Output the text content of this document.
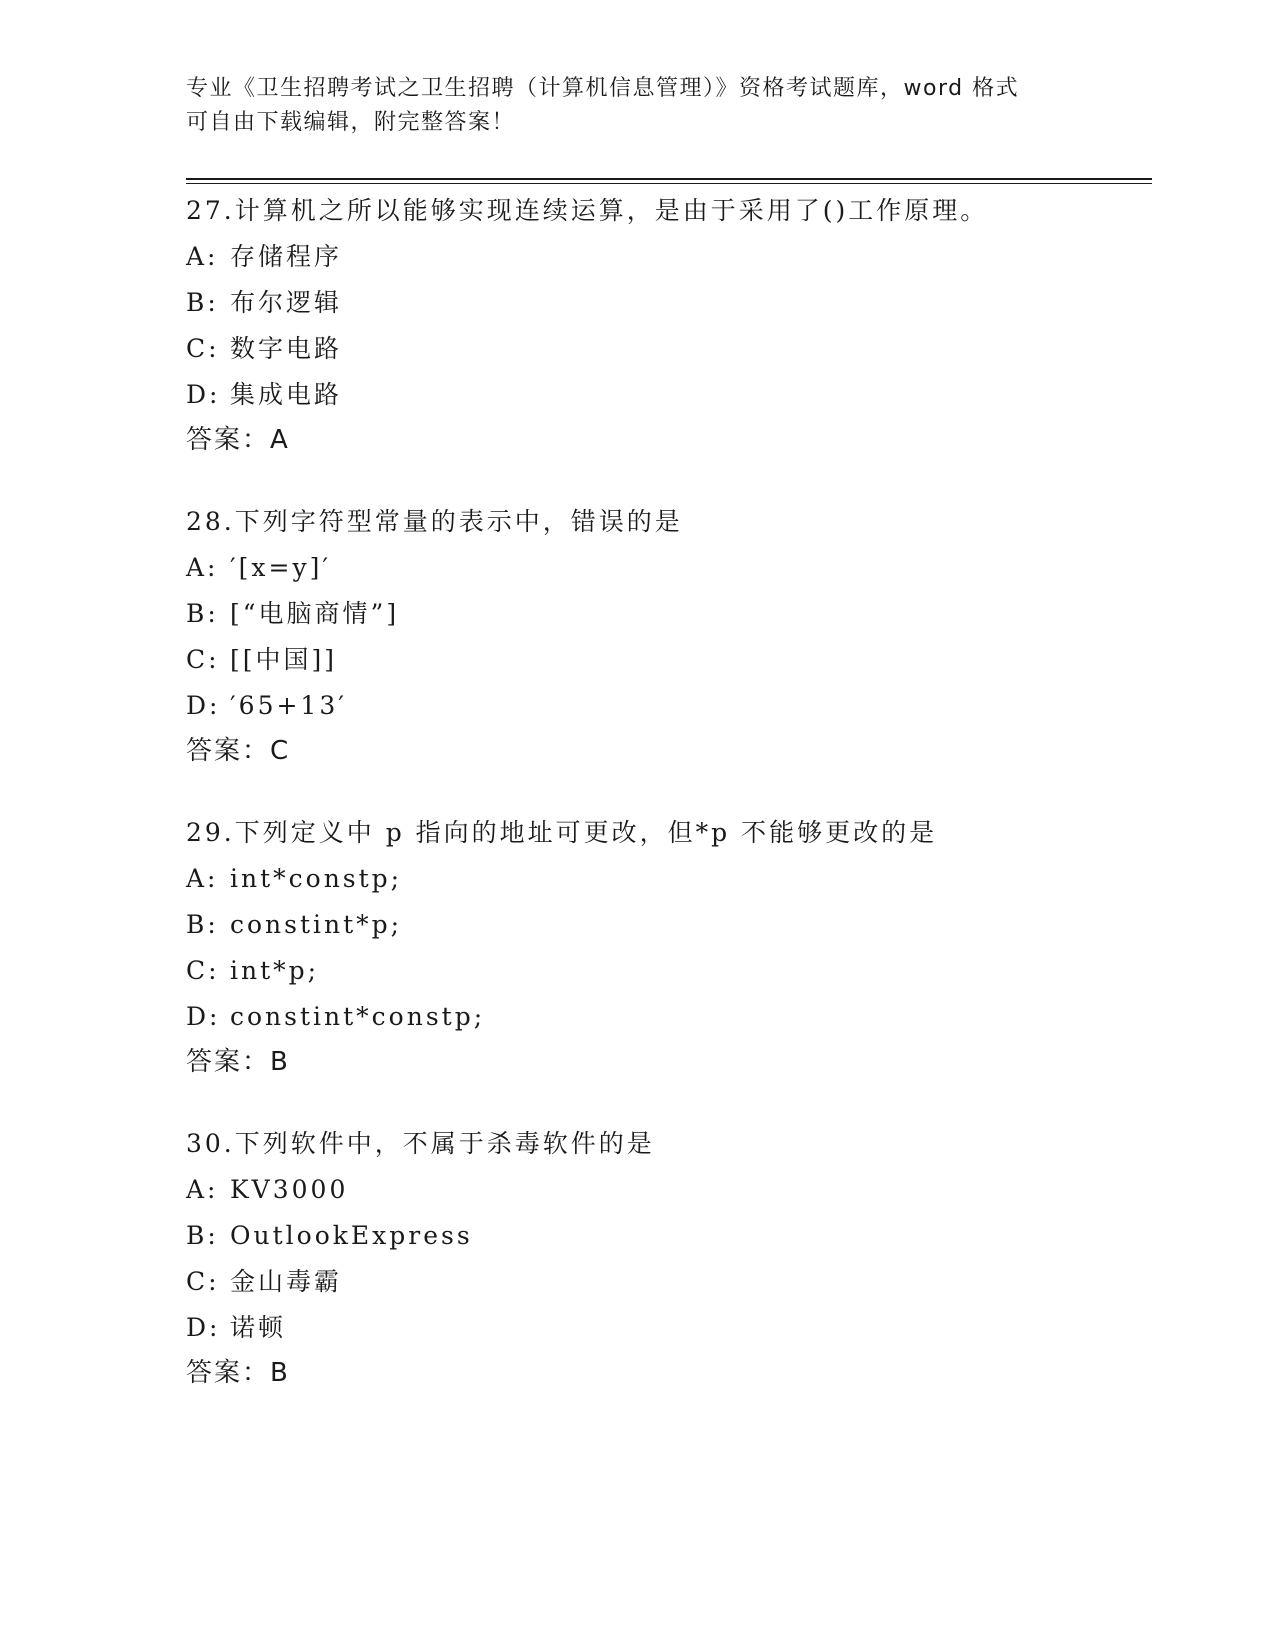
专业《卫生招聘考试之卫生招聘（计算机信息管理）》资格考试题库，word 格式
可自由下载编辑，附完整答案！
27.计算机之所以能够实现连续运算，是由于采用了()工作原理。
A: 存储程序
B: 布尔逻辑
C: 数字电路
D: 集成电路
答案：A
28.下列字符型常量的表示中，错误的是
A: ′[x=y]′
B: [“电脑商情”]
C: [[中国]]
D: ′65+13′
答案：C
29.下列定义中 p 指向的地址可更改，但*p 不能够更改的是
A: int*constp;
B: constint*p;
C: int*p;
D: constint*constp;
答案：B
30.下列软件中，不属于杀毒软件的是
A: KV3000
B: OutlookExpress
C: 金山毒霸
D: 诺顿
答案：B
